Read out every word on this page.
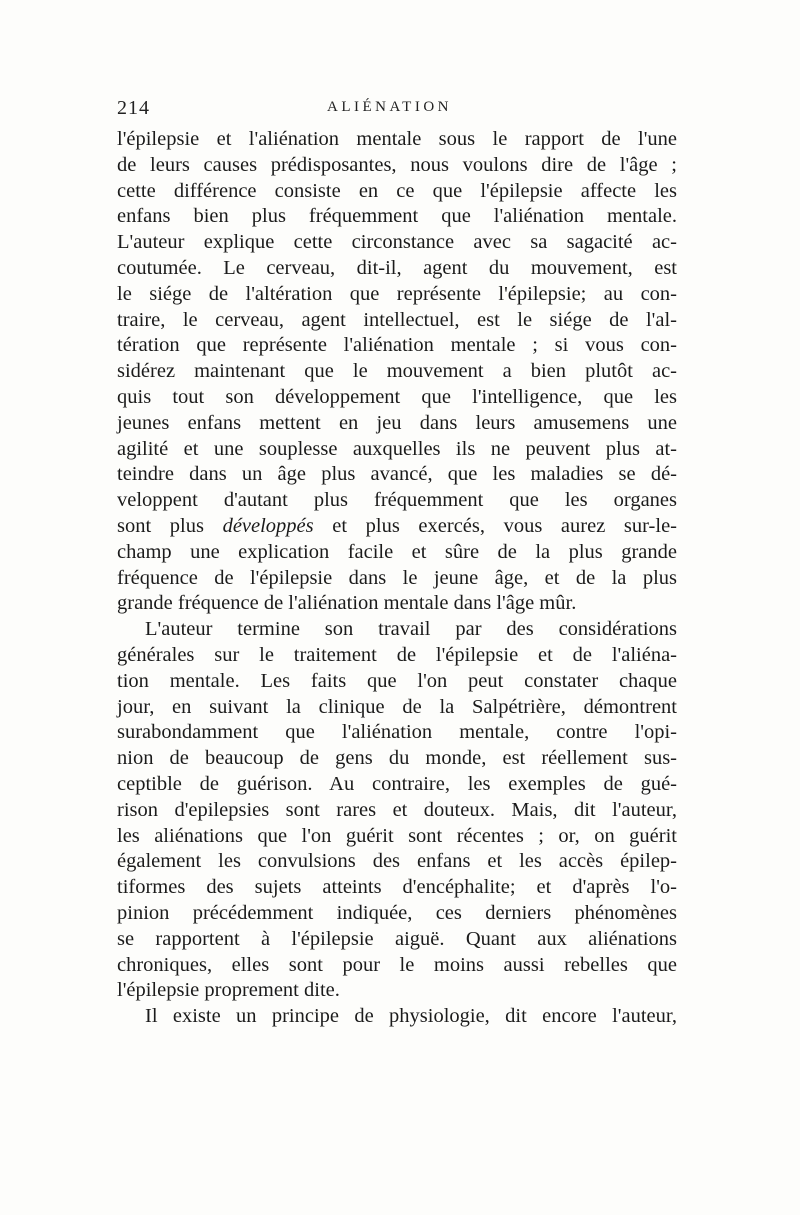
214	ALIÉNATION
l'épilepsie et l'aliénation mentale sous le rapport de l'une
de leurs causes prédisposantes, nous voulons dire de l'âge ;
cette différence consiste en ce que l'épilepsie affecte les
enfans bien plus fréquemment que l'aliénation mentale.
L'auteur explique cette circonstance avec sa sagacité ac-
coutumée. Le cerveau, dit-il, agent du mouvement, est
le siége de l'altération que représente l'épilepsie; au con-
traire, le cerveau, agent intellectuel, est le siége de l'al-
tération que représente l'aliénation mentale ; si vous con-
sidérez maintenant que le mouvement a bien plutôt ac-
quis tout son développement que l'intelligence, que les
jeunes enfans mettent en jeu dans leurs amusemens une
agilité et une souplesse auxquelles ils ne peuvent plus at-
teindre dans un âge plus avancé, que les maladies se dé-
veloppent d'autant plus fréquemment que les organes
sont plus développés et plus exercés, vous aurez sur-le-
champ une explication facile et sûre de la plus grande
fréquence de l'épilepsie dans le jeune âge, et de la plus
grande fréquence de l'aliénation mentale dans l'âge mûr.
L'auteur termine son travail par des considérations
générales sur le traitement de l'épilepsie et de l'aliéna-
tion mentale. Les faits que l'on peut constater chaque
jour, en suivant la clinique de la Salpétrière, démontrent
surabondamment que l'aliénation mentale, contre l'opi-
nion de beaucoup de gens du monde, est réellement sus-
ceptible de guérison. Au contraire, les exemples de gué-
rison d'epilepsies sont rares et douteux. Mais, dit l'auteur,
les aliénations que l'on guérit sont récentes ; or, on guérit
également les convulsions des enfans et les accès épilep-
tiformes des sujets atteints d'encéphalite; et d'après l'o-
pinion précédemment indiquée, ces derniers phénomènes
se rapportent à l'épilepsie aiguë. Quant aux aliénations
chroniques, elles sont pour le moins aussi rebelles que
l'épilepsie proprement dite.
Il existe un principe de physiologie, dit encore l'auteur,
